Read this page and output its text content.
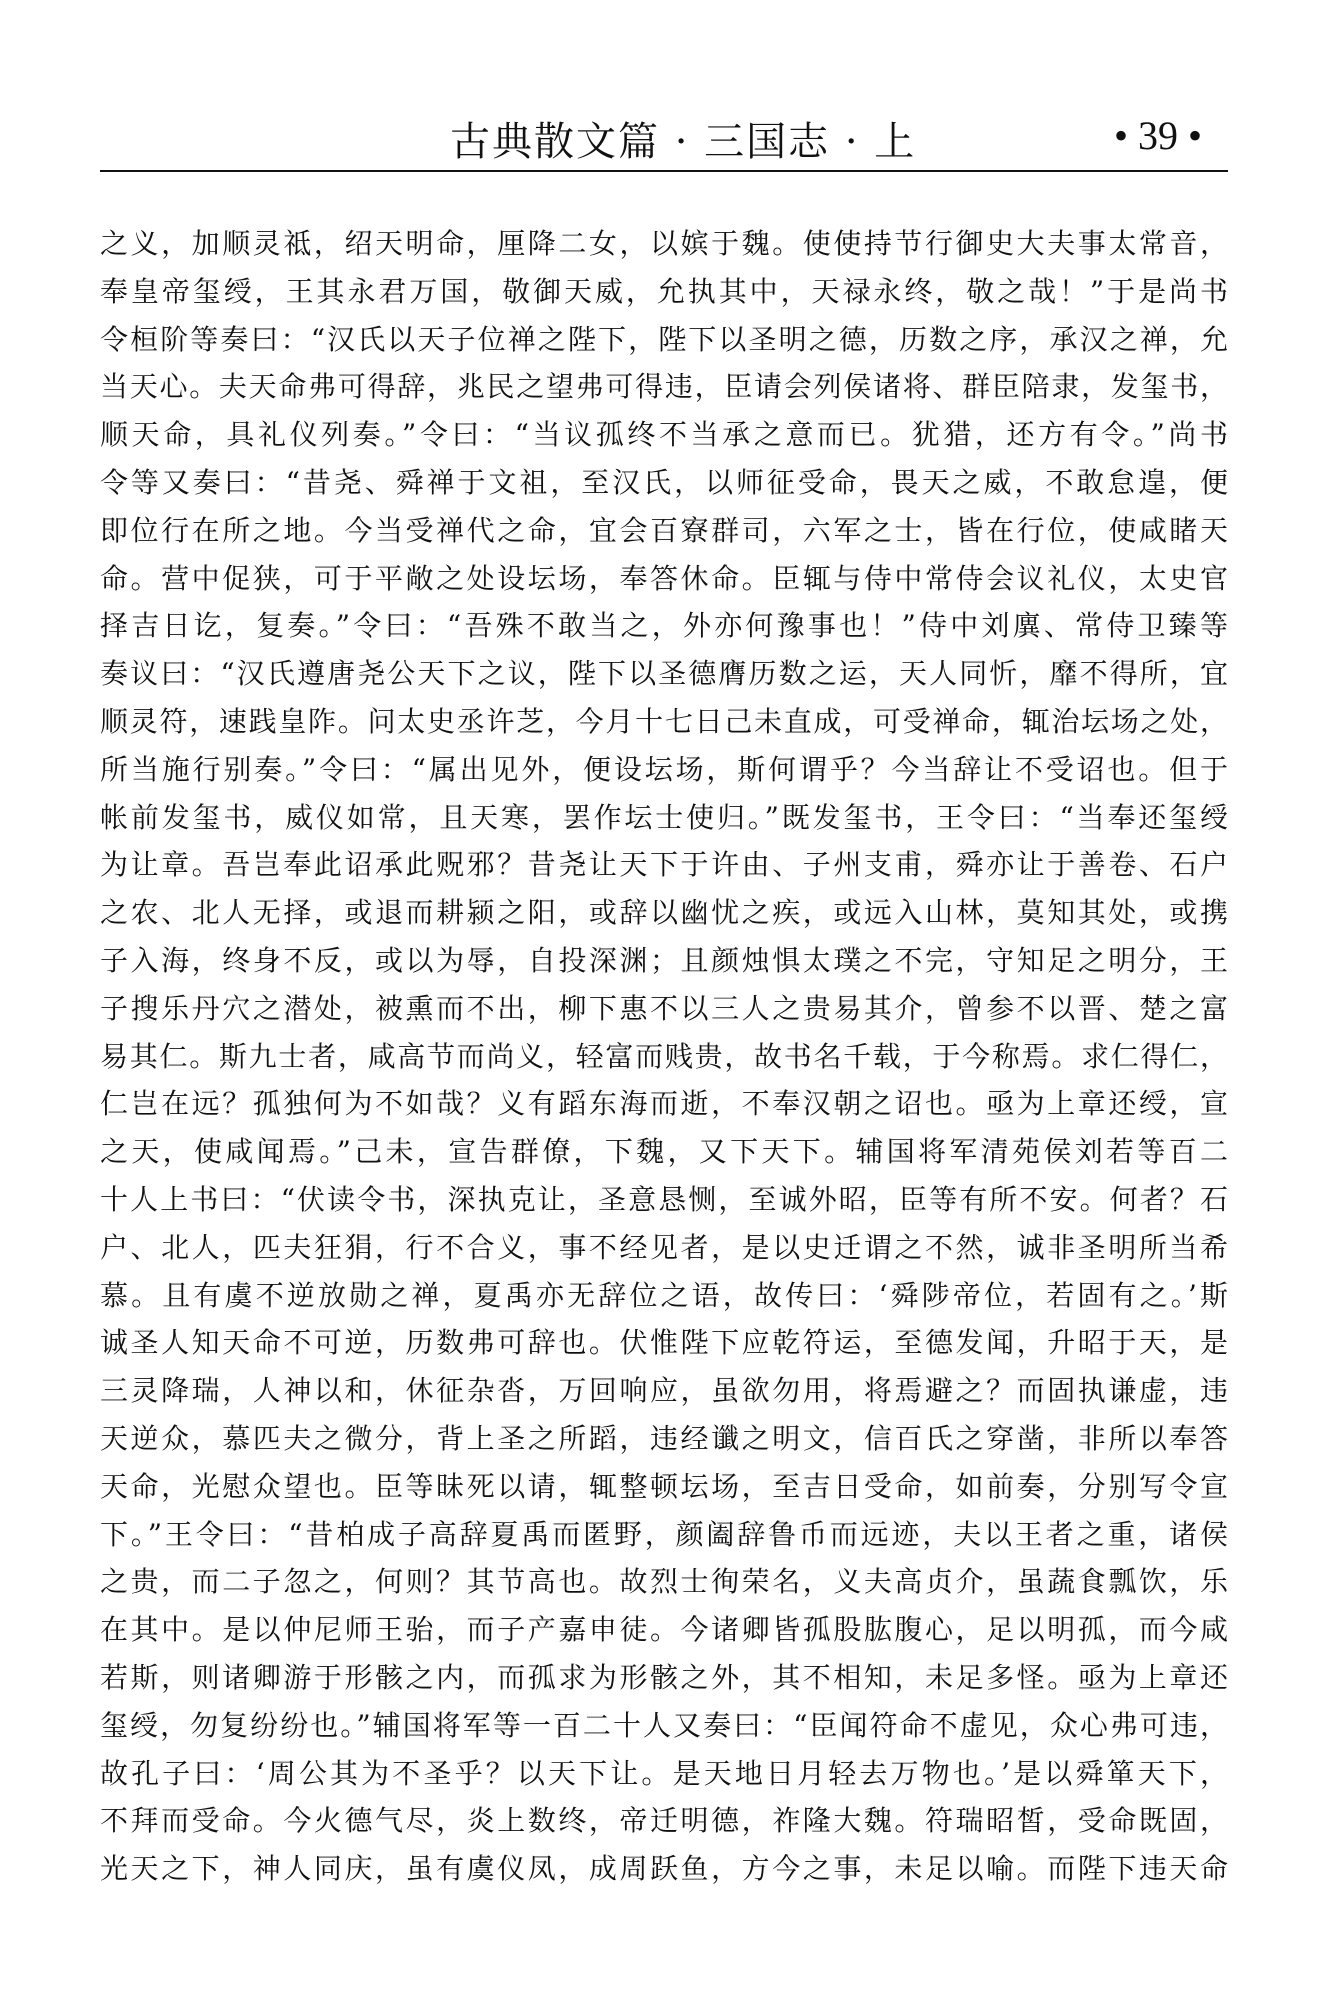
古典散文篇 · 三国志 · 上	• 39 •
之义，加顺灵祗，绍天明命，厘降二女，以嫔于魏。使使持节行御史大夫事太常音，
奉皇帝玺绶，王其永君万国，敬御天威，允执其中，天禄永终，敬之哉！”于是尚书
令桓阶等奏曰：“汉氏以天子位禅之陛下，陛下以圣明之德，历数之序，承汉之禅，允
当天心。夫天命弗可得辞，兆民之望弗可得违，臣请会列侯诸将、群臣陪隶，发玺书，
顺天命，具礼仪列奏。”令曰：“当议孤终不当承之意而已。犹猎，还方有令。”尚书
令等又奏曰：“昔尧、舜禅于文祖，至汉氏，以师征受命，畏天之威，不敢怠遑，便
即位行在所之地。今当受禅代之命，宜会百寮群司，六军之士，皆在行位，使咸睹天
命。营中促狭，可于平敞之处设坛场，奉答休命。臣辄与侍中常侍会议礼仪，太史官
择吉日讫，复奏。”令曰：“吾殊不敢当之，外亦何豫事也！”侍中刘廙、常侍卫臻等
奏议曰：“汉氏遵唐尧公天下之议，陛下以圣德膺历数之运，天人同忻，靡不得所，宜
顺灵符，速践皇阼。问太史丞许芝，今月十七日己未直成，可受禅命，辄治坛场之处，
所当施行别奏。”令曰：“属出见外，便设坛场，斯何谓乎？今当辞让不受诏也。但于
帐前发玺书，威仪如常，且天寒，罢作坛士使归。”既发玺书，王令曰：“当奉还玺绶
为让章。吾岂奉此诏承此贶邪？昔尧让天下于许由、子州支甫，舜亦让于善卷、石户
之农、北人无择，或退而耕颍之阳，或辞以幽忧之疾，或远入山林，莫知其处，或携
子入海，终身不反，或以为辱，自投深渊；且颜烛惧太璞之不完，守知足之明分，王
子搜乐丹穴之潜处，被熏而不出，柳下惠不以三人之贵易其介，曾参不以晋、楚之富
易其仁。斯九士者，咸高节而尚义，轻富而贱贵，故书名千载，于今称焉。求仁得仁，
仁岂在远？孤独何为不如哉？义有蹈东海而逝，不奉汉朝之诏也。亟为上章还绶，宣
之天，使咸闻焉。”己未，宣告群僚，下魏，又下天下。辅国将军清苑侯刘若等百二
十人上书曰：“伏读令书，深执克让，圣意恳恻，至诚外昭，臣等有所不安。何者？石
户、北人，匹夫狂狷，行不合义，事不经见者，是以史迁谓之不然，诚非圣明所当希
慕。且有虞不逆放勋之禅，夏禹亦无辞位之语，故传曰：‘舜陟帝位，若固有之。’斯
诚圣人知天命不可逆，历数弗可辞也。伏惟陛下应乾符运，至德发闻，升昭于天，是
三灵降瑞，人神以和，休征杂沓，万回响应，虽欲勿用，将焉避之？而固执谦虚，违
天逆众，慕匹夫之微分，背上圣之所蹈，违经谶之明文，信百氏之穿凿，非所以奉答
天命，光慰众望也。臣等昧死以请，辄整顿坛场，至吉日受命，如前奏，分别写令宣
下。”王令曰：“昔柏成子高辞夏禹而匿野，颜阖辞鲁币而远迹，夫以王者之重，诸侯
之贵，而二子忽之，何则？其节高也。故烈士徇荣名，义夫高贞介，虽蔬食瓢饮，乐
在其中。是以仲尼师王骀，而子产嘉申徒。今诸卿皆孤股肱腹心，足以明孤，而今咸
若斯，则诸卿游于形骸之内，而孤求为形骸之外，其不相知，未足多怪。亟为上章还
玺绶，勿复纷纷也。”辅国将军等一百二十人又奏曰：“臣闻符命不虚见，众心弗可违，
故孔子曰：‘周公其为不圣乎？以天下让。是天地日月轻去万物也。’是以舜箪天下，
不拜而受命。今火德气尽，炎上数终，帝迁明德，祚隆大魏。符瑞昭皙，受命既固，
光天之下，神人同庆，虽有虞仪凤，成周跃鱼，方今之事，未足以喻。而陛下违天命
